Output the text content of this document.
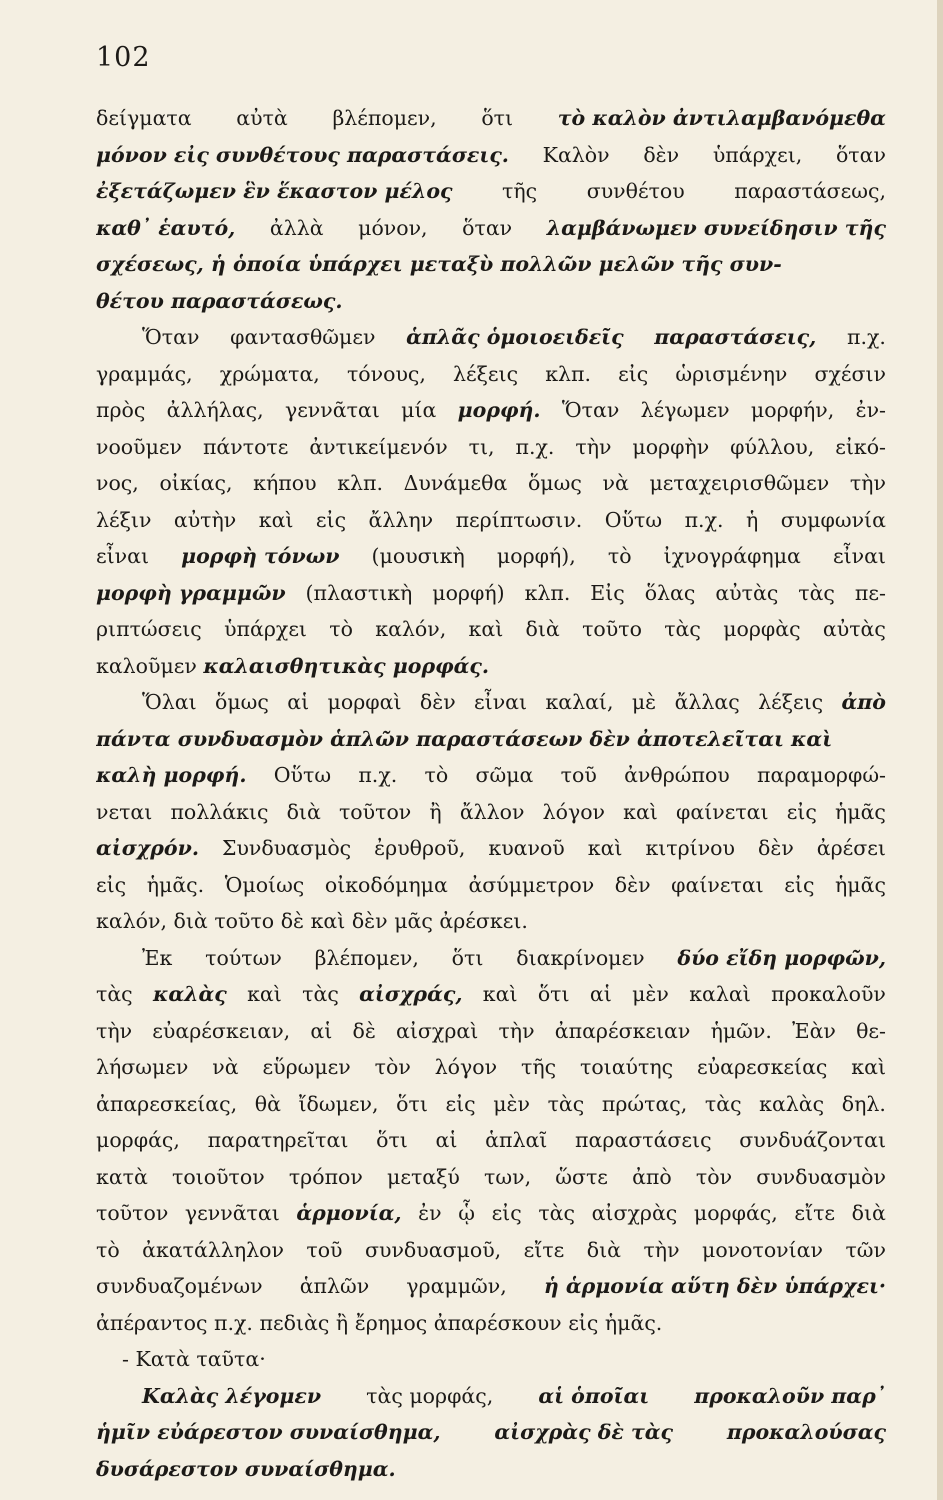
102
δείγματα αὐτὰ βλέπομεν, ὅτι τὸ καλὸν ἀντιλαμβανόμεθα
μόνον εἰς συνθέτους παραστάσεις. Καλὸν δὲν ὑπάρχει, ὅταν
ἐξετάζωμεν ἓν ἕκαστον μέλος τῆς συνθέτου παραστάσεως,
καθ᾽ ἑαυτό, ἀλλὰ μόνον, ὅταν λαμβάνωμεν συνείδησιν τῆς
σχέσεως, ἡ ὁποία ὑπάρχει μεταξὺ πολλῶν μελῶν τῆς συν-
θέτου παραστάσεως.
Ὅταν φαντασθῶμεν ἁπλᾶς ὁμοιοειδεῖς παραστάσεις, π.χ.
γραμμάς, χρώματα, τόνους, λέξεις κλπ. εἰς ὡρισμένην σχέσιν
πρὸς ἀλλήλας, γεννᾶται μία μορφή. Ὅταν λέγωμεν μορφήν, ἐν-
νοοῦμεν πάντοτε ἀντικείμενόν τι, π.χ. τὴν μορφὴν φύλλου, εἰκό-
νος, οἰκίας, κήπου κλπ. Δυνάμεθα ὅμως νὰ μεταχειρισθῶμεν τὴν
λέξιν αὐτὴν καὶ εἰς ἄλλην περίπτωσιν. Οὕτω π.χ. ἡ συμφωνία
εἶναι μορφὴ τόνων (μουσικὴ μορφή), τὸ ἰχνογράφημα εἶναι
μορφὴ γραμμῶν (πλαστικὴ μορφή) κλπ. Εἰς ὅλας αὐτὰς τὰς πε-
ριπτώσεις ὑπάρχει τὸ καλόν, καὶ διὰ τοῦτο τὰς μορφὰς αὐτὰς
καλοῦμεν καλαισθητικὰς μορφάς.
Ὅλαι ὅμως αἱ μορφαὶ δὲν εἶναι καλαί, μὲ ἄλλας λέξεις ἀπὸ
πάντα συνδυασμὸν ἁπλῶν παραστάσεων δὲν ἀποτελεῖται καὶ
καλὴ μορφή. Οὕτω π.χ. τὸ σῶμα τοῦ ἀνθρώπου παραμορφώ-
νεται πολλάκις διὰ τοῦτον ἢ ἄλλον λόγον καὶ φαίνεται εἰς ἡμᾶς
αἰσχρόν. Συνδυασμὸς ἐρυθροῦ, κυανοῦ καὶ κιτρίνου δὲν ἀρέσει
εἰς ἡμᾶς. Ὁμοίως οἰκοδόμημα ἀσύμμετρον δὲν φαίνεται εἰς ἡμᾶς
καλόν, διὰ τοῦτο δὲ καὶ δὲν μᾶς ἀρέσκει.
Ἐκ τούτων βλέπομεν, ὅτι διακρίνομεν δύο εἴδη μορφῶν,
τὰς καλὰς καὶ τὰς αἰσχράς, καὶ ὅτι αἱ μὲν καλαὶ προκαλοῦν
τὴν εὐαρέσκειαν, αἱ δὲ αἰσχραὶ τὴν ἀπαρέσκειαν ἡμῶν. Ἐὰν θε-
λήσωμεν νὰ εὕρωμεν τὸν λόγον τῆς τοιαύτης εὐαρεσκείας καὶ
ἀπαρεσκείας, θὰ ἴδωμεν, ὅτι εἰς μὲν τὰς πρώτας, τὰς καλὰς δηλ.
μορφάς, παρατηρεῖται ὅτι αἱ ἁπλαῖ παραστάσεις συνδυάζονται
κατὰ τοιοῦτον τρόπον μεταξύ των, ὥστε ἀπὸ τὸν συνδυασμὸν
τοῦτον γεννᾶται ἁρμονία, ἐν ᾧ εἰς τὰς αἰσχρὰς μορφάς, εἴτε διὰ
τὸ ἀκατάλληλον τοῦ συνδυασμοῦ, εἴτε διὰ τὴν μονοτονίαν τῶν
συνδυαζομένων ἁπλῶν γραμμῶν, ἡ ἁρμονία αὕτη δὲν ὑπάρχει·
ἀπέραντος π.χ. πεδιὰς ἢ ἔρημος ἀπαρέσκουν εἰς ἡμᾶς.
- Κατὰ ταῦτα·
Καλὰς λέγομεν τὰς μορφάς, αἱ ὁποῖαι προκαλοῦν παρ᾽
ἡμῖν εὐάρεστον συναίσθημα,	αἰσχρὰς δὲ τὰς	προκαλούσας
δυσάρεστον συναίσθημα.
